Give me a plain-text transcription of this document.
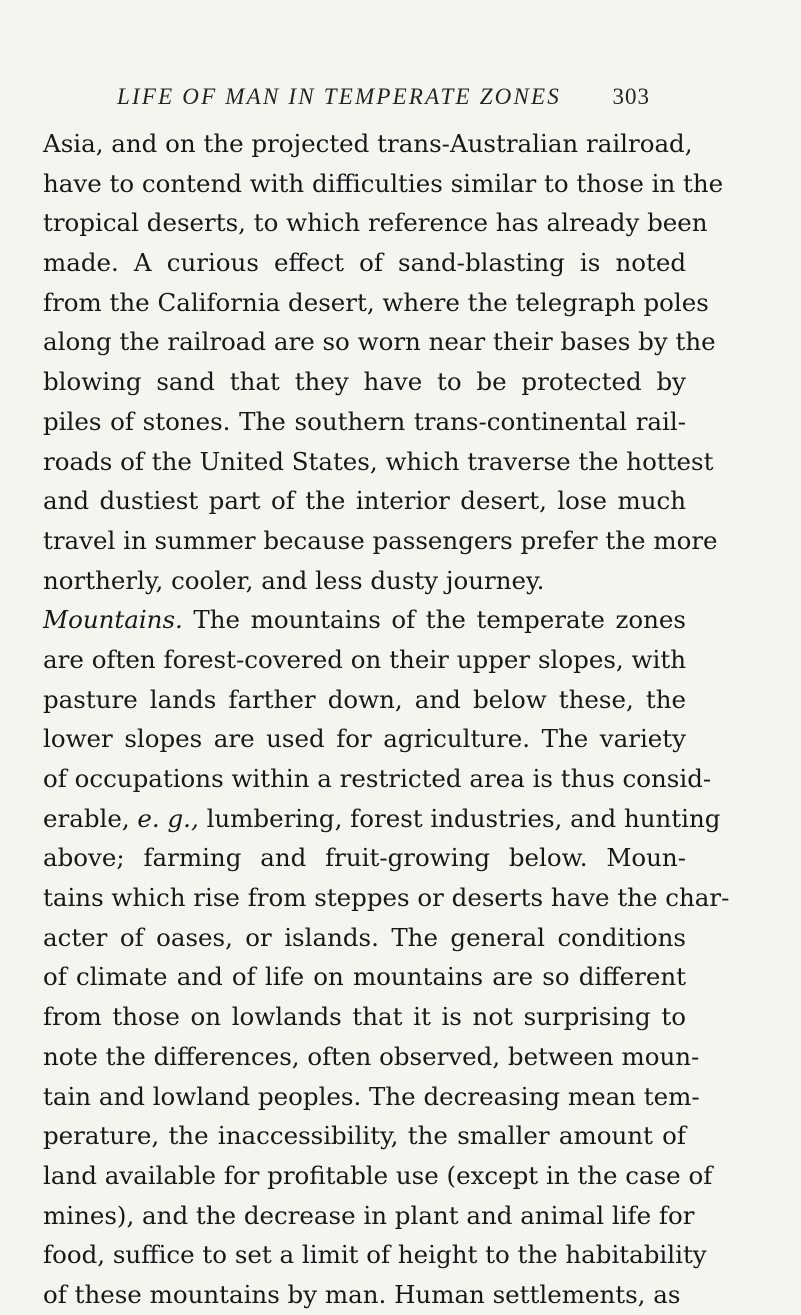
LIFE OF MAN IN TEMPERATE ZONES 303
Asia, and on the projected trans-Australian railroad,
have to contend with difficulties similar to those in the
tropical deserts, to which reference has already been
made. A curious effect of sand-blasting is noted
from the California desert, where the telegraph poles
along the railroad are so worn near their bases by the
blowing sand that they have to be protected by
piles of stones. The southern trans-continental rail-
roads of the United States, which traverse the hottest
and dustiest part of the interior desert, lose much
travel in summer because passengers prefer the more
northerly, cooler, and less dusty journey.
Mountains. The mountains of the temperate zones
are often forest-covered on their upper slopes, with
pasture lands farther down, and below these, the
lower slopes are used for agriculture. The variety
of occupations within a restricted area is thus consid-
erable, e. g., lumbering, forest industries, and hunting
above; farming and fruit-growing below. Moun-
tains which rise from steppes or deserts have the char-
acter of oases, or islands. The general conditions
of climate and of life on mountains are so different
from those on lowlands that it is not surprising to
note the differences, often observed, between moun-
tain and lowland peoples. The decreasing mean tem-
perature, the inaccessibility, the smaller amount of
land available for profitable use (except in the case of
mines), and the decrease in plant and animal life for
food, suffice to set a limit of height to the habitability
of these mountains by man. Human settlements, as
